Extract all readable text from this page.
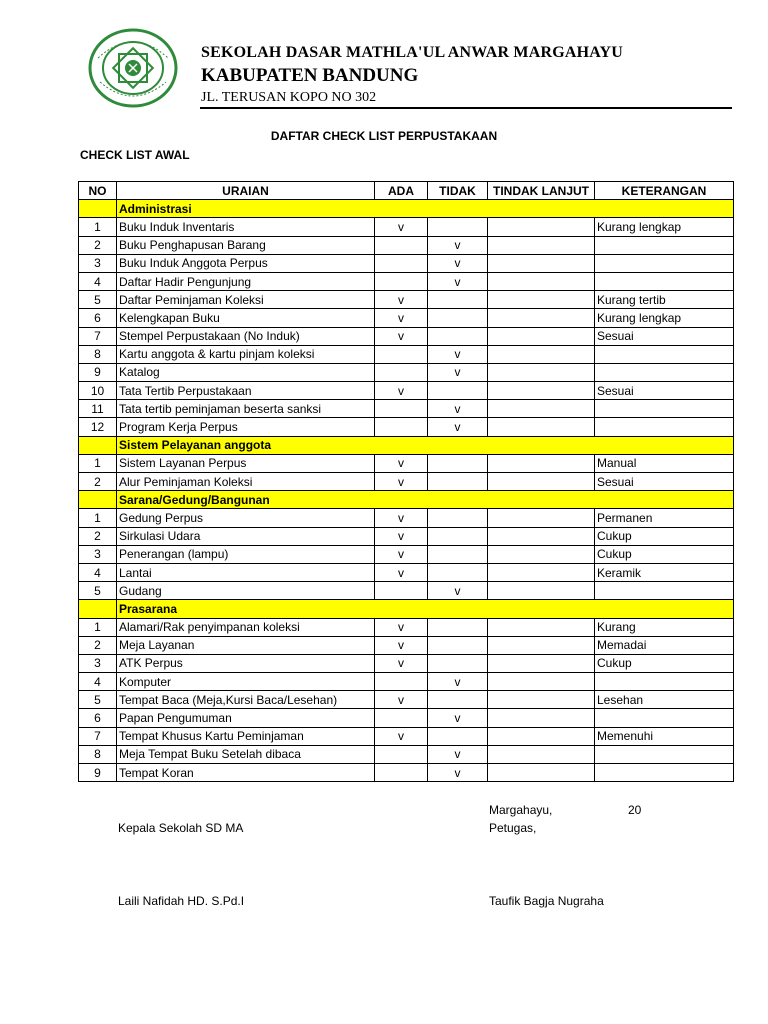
SEKOLAH DASAR MATHLA'UL ANWAR MARGAHAYU
KABUPATEN BANDUNG
JL. TERUSAN KOPO NO 302
DAFTAR CHECK LIST PERPUSTAKAAN
CHECK LIST AWAL
NO	URAIAN	ADA	TIDAK	TINDAK LANJUT	KETERANGAN
	Administrasi				
1	Buku Induk Inventaris	v			Kurang lengkap
2	Buku Penghapusan Barang		v		
3	Buku Induk Anggota Perpus		v		
4	Daftar Hadir Pengunjung		v		
5	Daftar Peminjaman Koleksi	v			Kurang tertib
6	Kelengkapan Buku	v			Kurang lengkap
7	Stempel Perpustakaan (No Induk)	v			Sesuai
8	Kartu anggota & kartu pinjam koleksi		v		
9	Katalog		v		
10	Tata Tertib Perpustakaan	v			Sesuai
11	Tata tertib peminjaman beserta sanksi		v		
12	Program Kerja Perpus		v		
	Sistem Pelayanan anggota				
1	Sistem Layanan Perpus	v			Manual
2	Alur Peminjaman Koleksi	v			Sesuai
	Sarana/Gedung/Bangunan				
1	Gedung Perpus	v			Permanen
2	Sirkulasi Udara	v			Cukup
3	Penerangan (lampu)	v			Cukup
4	Lantai	v			Keramik
5	Gudang		v		
	Prasarana				
1	Alamari/Rak penyimpanan koleksi	v			Kurang
2	Meja Layanan	v			Memadai
3	ATK Perpus	v			Cukup
4	Komputer		v		
5	Tempat Baca (Meja,Kursi Baca/Lesehan)	v			Lesehan
6	Papan Pengumuman		v		
7	Tempat Khusus Kartu Peminjaman	v			Memenuhi
8	Meja Tempat Buku Setelah dibaca		v		
9	Tempat Koran		v		
Margahayu,	20
Kepala Sekolah SD MA	Petugas,
Laili Nafidah HD. S.Pd.I	Taufik Bagja Nugraha
